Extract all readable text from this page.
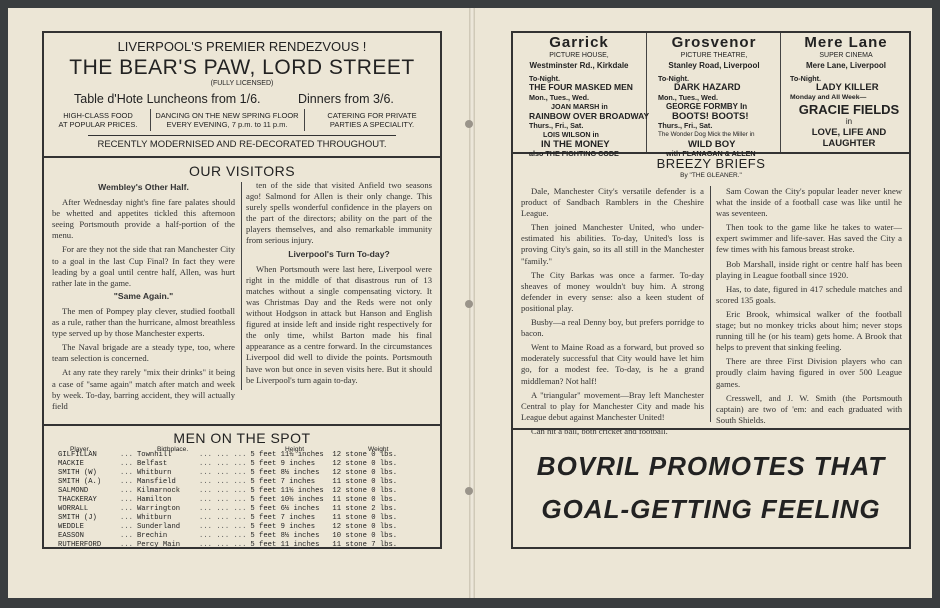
LIVERPOOL'S PREMIER RENDEZVOUS !
THE BEAR'S PAW, LORD STREET
(FULLY LICENSED)
Table d'Hote Luncheons from 1/6.	Dinners from 3/6.
HIGH-CLASS FOOD
AT POPULAR PRICES.
DANCING ON THE NEW SPRING FLOOR
EVERY EVENING, 7 p.m. to 11 p.m.
CATERING FOR PRIVATE
PARTIES A SPECIALITY.
RECENTLY MODERNISED AND RE-DECORATED THROUGHOUT.
OUR VISITORS
Wembley's Other Half.

After Wednesday night's fine fare palates should be whetted and appetites tickled this afternoon seeing Portsmouth provide a half-portion of the menu.

For are they not the side that ran Manchester City to a goal in the last Cup Final? In fact they were leading by a goal until centre half, Allen, was hurt rather late in the game.

"Same Again."

The men of Pompey play clever, studied football as a rule, rather than the hurricane, almost breathless type served up by those Manchester experts.

The Naval brigade are a steady type, too, where team selection is concerned.

At any rate they rarely "mix their drinks" it being a case of "same again" match after match and week by week. To-day, barring accident, they will actually field

ten of the side that visited Anfield two seasons ago! Salmond for Allen is their only change. This surely spells wonderful confidence in the players on the part of the directors; ability on the part of the players themselves, and also remarkable immunity from serious injury.

Liverpool's Turn To-day?

When Portsmouth were last here, Liverpool were right in the middle of that disastrous run of 13 matches without a single compensating victory. It was Christmas Day and the Reds were not only without Hodgson in attack but Hanson and English figured at inside left and inside right respectively for the only time, whilst Barton made his final appearance as a centre forward. In the circumstances Liverpool did well to divide the points. Portsmouth have won but once in seven visits here. But it should be Liverpool's turn again to-day.

MEN ON THE SPOT
Player.	Birthplace.	Height	Weight
GILFILLAN	...	Townhill	... ... ...	5 feet 11½ inches	12 stone 0 lbs.
MACKIE	...	Belfast	... ... ...	5 feet 9 inches	12 stone 0 lbs.
SMITH (W)	...	Whitburn	... ... ...	5 feet 8½ inches	12 stone 0 lbs.
SMITH (A.)	...	Mansfield	... ... ...	5 feet 7 inches	11 stone 0 lbs.
SALMOND	...	Kilmarnock	... ... ...	5 feet 11½ inches	12 stone 0 lbs.
THACKERAY	...	Hamilton	... ... ...	5 feet 10½ inches	11 stone 0 lbs.
WORRALL	...	Warrington	... ... ...	5 feet 6½ inches	11 stone 2 lbs.
SMITH (J)	...	Whitburn	... ... ...	5 feet 7 inches	11 stone 0 lbs.
WEDDLE	...	Sunderland	... ... ...	5 feet 9 inches	12 stone 0 lbs.
EASSON	...	Brechin	... ... ...	5 feet 8½ inches	10 stone 0 lbs.
RUTHERFORD	...	Percy Main	... ... ...	5 feet 11 inches	11 stone 7 lbs.
Garrick
PICTURE HOUSE,
Westminster Rd., Kirkdale
To-Night.
THE FOUR MASKED MEN
Mon., Tues., Wed.
JOAN MARSH in
RAINBOW OVER BROADWAY
Thurs., Fri., Sat.
LOIS WILSON in
IN THE MONEY
also THE FIGHTING CODE
Grosvenor
PICTURE THEATRE,
Stanley Road, Liverpool
To-Night.
DARK HAZARD
Mon., Tues., Wed.
GEORGE FORMBY In
BOOTS! BOOTS!
Thurs., Fri., Sat.
The Wonder Dog Mick the Miller in
WILD BOY
with FLANAGAN & ALLEN
Mere Lane
SUPER CINEMA
Mere Lane, Liverpool
To-Night.
LADY KILLER
Monday and All Week—
GRACIE FIELDS
in
LOVE, LIFE AND
LAUGHTER
BREEZY BRIEFS
By "THE GLEANER."

Dale, Manchester City's versatile defender is a product of Sandbach Ramblers in the Cheshire League.

Then joined Manchester United, who under-estimated his abilities. To-day, United's loss is proving City's gain, so its all still in the Manchester "family."

The City Barkas was once a farmer. To-day sheaves of money wouldn't buy him. A strong defender in every sense: also a keen student of positional play.

Busby—a real Denny boy, but prefers porridge to bacon.

Went to Maine Road as a forward, but proved so moderately successful that City would have let him go, for a modest fee. To-day, is he a grand middleman? Not half!

A "triangular" movement—Bray left Manchester Central to play for Manchester City and made his League debut against Manchester United!

Can hit a ball, both cricket and football.

Sam Cowan the City's popular leader never knew what the inside of a football case was like until he was seventeen.

Then took to the game like he takes to water—expert swimmer and life-saver. Has saved the City a few times with his famous breast stroke.

Bob Marshall, inside right or centre half has been playing in League football since 1920.

Has, to date, figured in 417 schedule matches and scored 135 goals.

Eric Brook, whimsical walker of the football stage; but no monkey tricks about him; never stops running till he (or his team) gets home. A Brook that helps to prevent that sinking feeling.

There are three First Division players who can proudly claim having figured in over 500 League games.

Cresswell, and J. W. Smith (the Portsmouth captain) are two of 'em: and each graduated with South Shields.

BOVRIL PROMOTES THAT
GOAL-GETTING FEELING
